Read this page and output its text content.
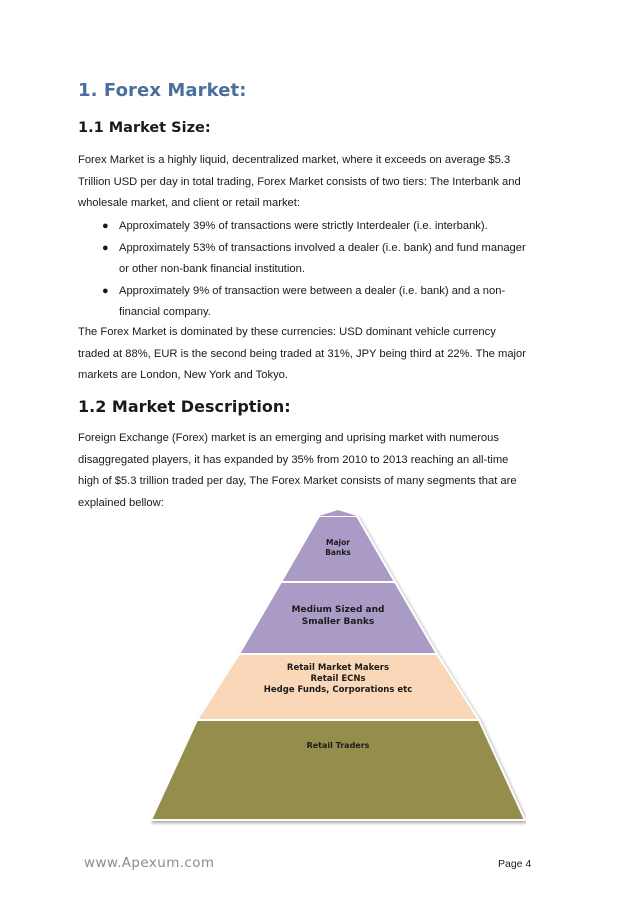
1. Forex Market:
1.1 Market Size:

Forex Market is a highly liquid, decentralized market, where it exceeds on average $5.3
Trillion USD per day in total trading, Forex Market consists of two tiers: The Interbank and
wholesale market, and client or retail market:

● Approximately 39% of transactions were strictly Interdealer (i.e. interbank).
● Approximately 53% of transactions involved a dealer (i.e. bank) and fund manager
or other non-bank financial institution.
● Approximately 9% of transaction were between a dealer (i.e. bank) and a non-
financial company.

The Forex Market is dominated by these currencies: USD dominant vehicle currency
traded at 88%, EUR is the second being traded at 31%, JPY being third at 22%. The major
markets are London, New York and Tokyo.

1.2 Market Description:

Foreign Exchange (Forex) market is an emerging and uprising market with numerous
disaggregated players, it has expanded by 35% from 2010 to 2013 reaching an all-time
high of $5.3 trillion traded per day, The Forex Market consists of many segments that are
explained bellow:

Major
Banks
Medium Sized and
Smaller Banks
Retail Market Makers
Retail ECNs
Hedge Funds, Corporations etc
Retail Traders

www.Apexum.com	Page 4
